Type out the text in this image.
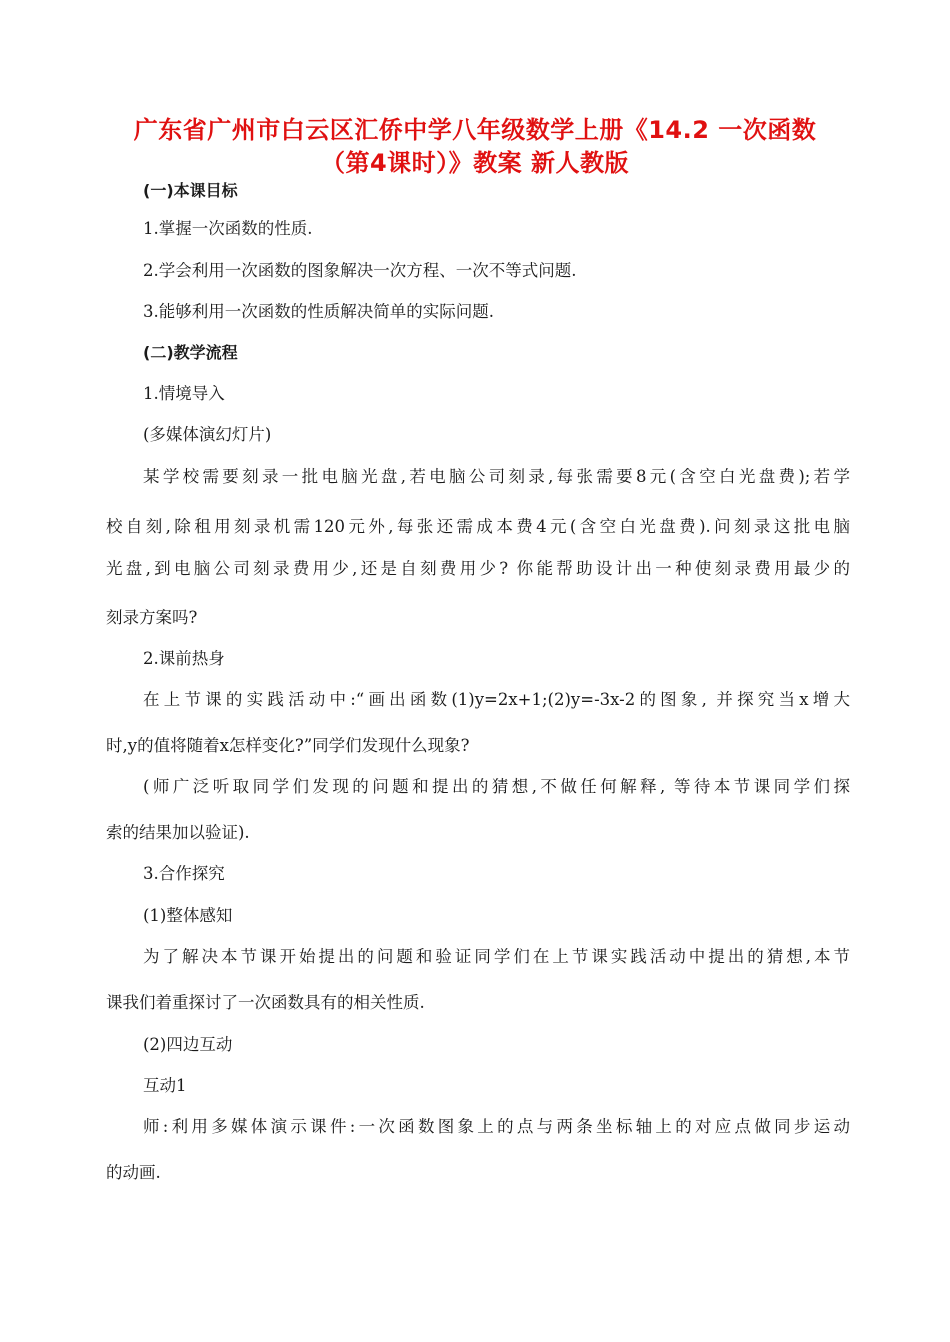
广东省广州市白云区汇侨中学八年级数学上册《14.2 一次函数
（第4课时）》教案 新人教版
(一)本课目标
1.掌握一次函数的性质.
2.学会利用一次函数的图象解决一次方程、一次不等式问题.
3.能够利用一次函数的性质解决简单的实际问题.
(二)教学流程
1.情境导入
(多媒体演幻灯片)
某学校需要刻录一批电脑光盘,若电脑公司刻录,每张需要8元(含空白光盘费);若学
校自刻,除租用刻录机需120元外,每张还需成本费4元(含空白光盘费).问刻录这批电脑
光盘,到电脑公司刻录费用少,还是自刻费用少? 你能帮助设计出一种使刻录费用最少的
刻录方案吗?
2.课前热身
在上节课的实践活动中:“画出函数(1)y=2x+1;(2)y=-3x-2的图象, 并探究当x增大
时,y的值将随着x怎样变化?”同学们发现什么现象?
(师广泛听取同学们发现的问题和提出的猜想,不做任何解释, 等待本节课同学们探
索的结果加以验证).
3.合作探究
(1)整体感知
为了解决本节课开始提出的问题和验证同学们在上节课实践活动中提出的猜想,本节
课我们着重探讨了一次函数具有的相关性质.
(2)四边互动
互动1
师:利用多媒体演示课件:一次函数图象上的点与两条坐标轴上的对应点做同步运动
的动画.
